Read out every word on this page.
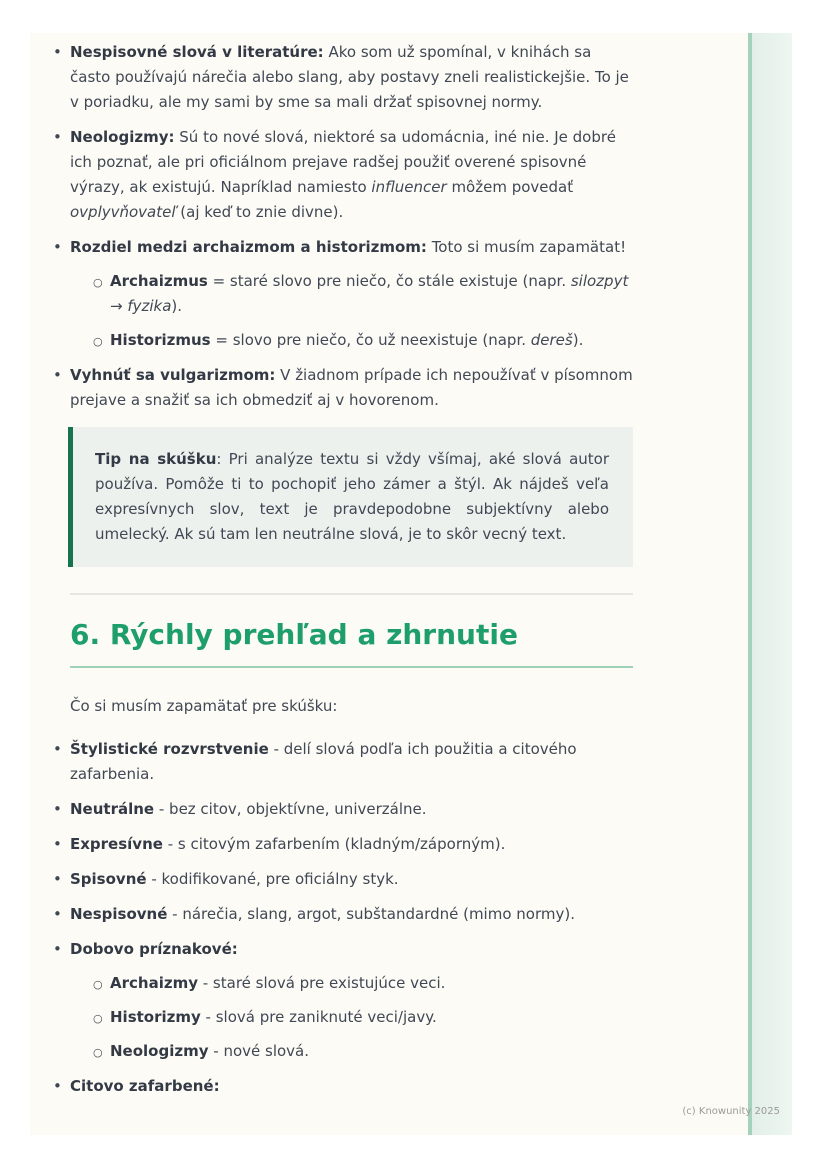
• Nespisovné slová v literatúre: Ako som už spomínal, v knihách sa často používajú nárečia alebo slang, aby postavy zneli realistickejšie. To je v poriadku, ale my sami by sme sa mali držať spisovnej normy.
• Neologizmy: Sú to nové slová, niektoré sa udomácnia, iné nie. Je dobré ich poznať, ale pri oficiálnom prejave radšej použiť overené spisovné výrazy, ak existujú. Napríklad namiesto influencer môžem povedať ovplyvňovateľ (aj keď to znie divne).
• Rozdiel medzi archaizmom a historizmom: Toto si musím zapamätat!
○ Archaizmus = staré slovo pre niečo, čo stále existuje (napr. silozpyt → fyzika).
○ Historizmus = slovo pre niečo, čo už neexistuje (napr. dereš).
• Vyhnúť sa vulgarizmom: V žiadnom prípade ich nepoužívať v písomnom prejave a snažiť sa ich obmedziť aj v hovorenom.

Tip na skúšku: Pri analýze textu si vždy všímaj, aké slová autor používa. Pomôže ti to pochopiť jeho zámer a štýl. Ak nájdeš veľa expresívnych slov, text je pravdepodobne subjektívny alebo umelecký. Ak sú tam len neutrálne slová, je to skôr vecný text.

6. Rýchly prehľad a zhrnutie

Čo si musím zapamätať pre skúšku:

• Štylistické rozvrstvenie - delí slová podľa ich použitia a citového zafarbenia.
• Neutrálne - bez citov, objektívne, univerzálne.
• Expresívne - s citovým zafarbením (kladným/záporným).
• Spisovné - kodifikované, pre oficiálny styk.
• Nespisovné - nárečia, slang, argot, subštandardné (mimo normy).
• Dobovo príznakové:
○ Archaizmy - staré slová pre existujúce veci.
○ Historizmy - slová pre zaniknuté veci/javy.
○ Neologizmy - nové slová.
• Citovo zafarbené:
(c) Knowunity 2025
